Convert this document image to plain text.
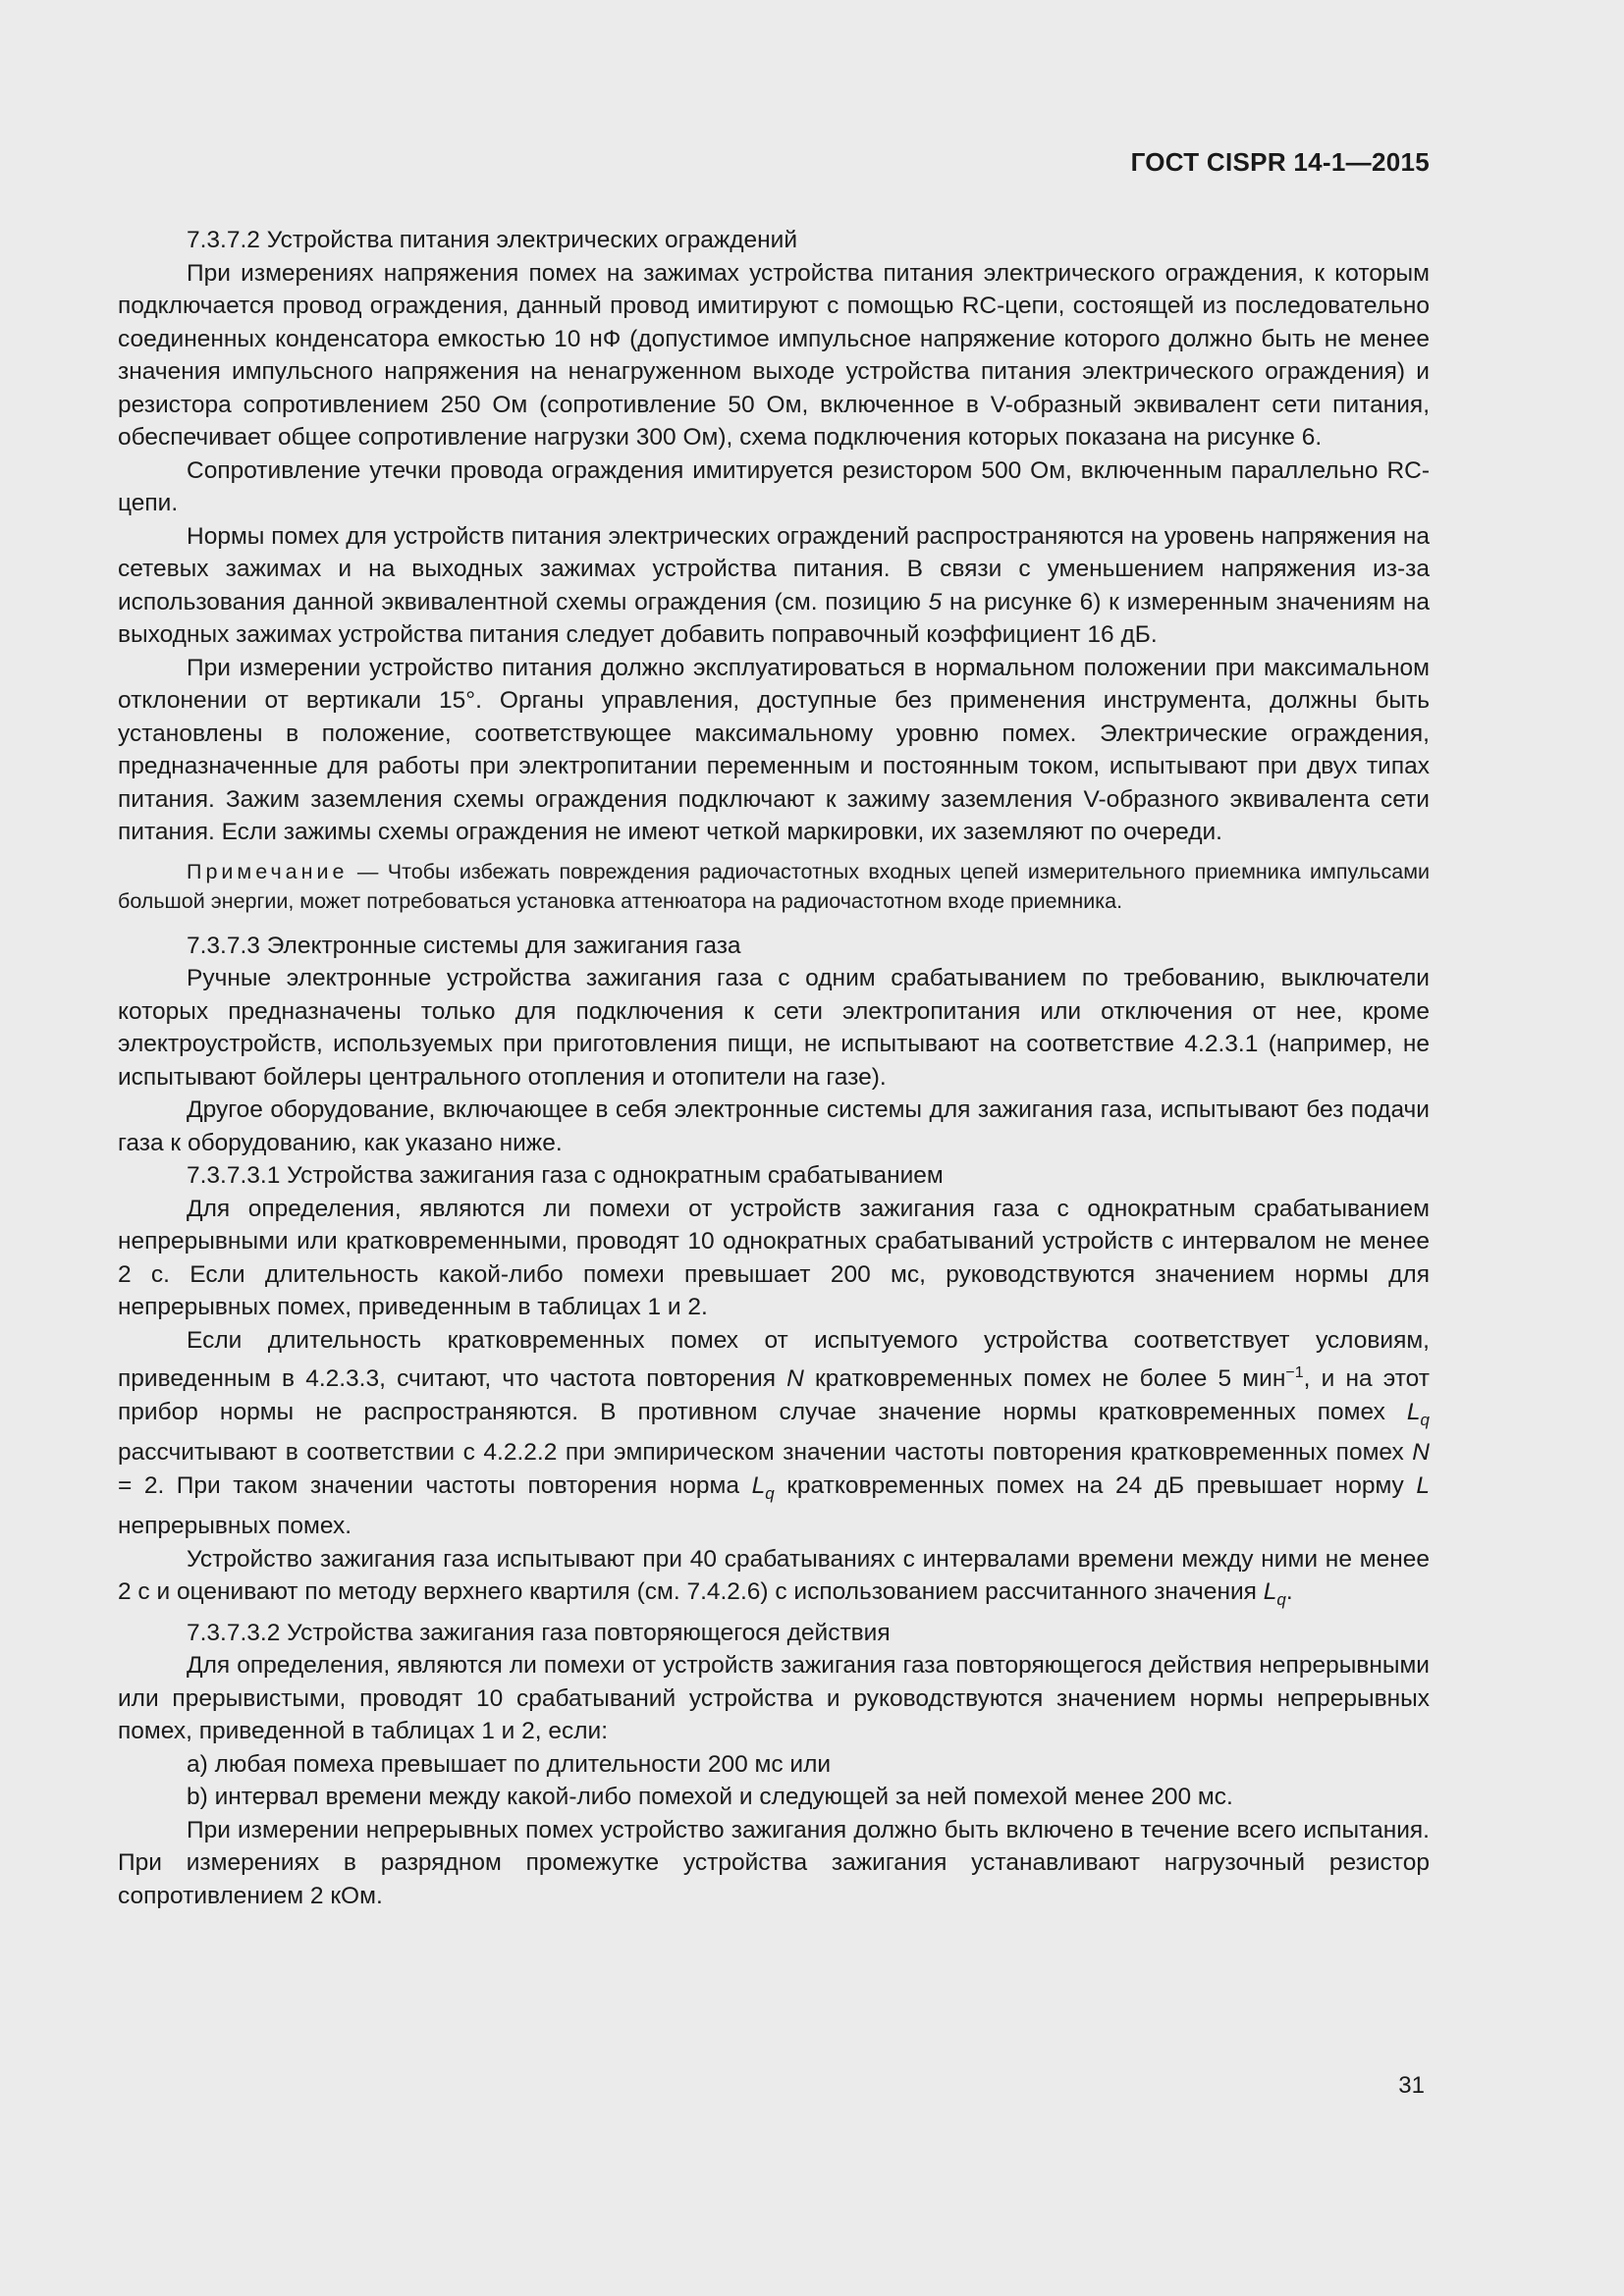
ГОСТ CISPR 14-1—2015

7.3.7.2 Устройства питания электрических ограждений

При измерениях напряжения помех на зажимах устройства питания электрического ограждения, к которым подключается провод ограждения, данный провод имитируют с помощью RC-цепи, состоящей из последовательно соединенных конденсатора емкостью 10 нФ (допустимое импульсное напряжение которого должно быть не менее значения импульсного напряжения на ненагруженном выходе устройства питания электрического ограждения) и резистора сопротивлением 250 Ом (сопротивление 50 Ом, включенное в V-образный эквивалент сети питания, обеспечивает общее сопротивление нагрузки 300 Ом), схема подключения которых показана на рисунке 6.

Сопротивление утечки провода ограждения имитируется резистором 500 Ом, включенным параллельно RC-цепи.

Нормы помех для устройств питания электрических ограждений распространяются на уровень напряжения на сетевых зажимах и на выходных зажимах устройства питания. В связи с уменьшением напряжения из-за использования данной эквивалентной схемы ограждения (см. позицию 5 на рисунке 6) к измеренным значениям на выходных зажимах устройства питания следует добавить поправочный коэффициент 16 дБ.

При измерении устройство питания должно эксплуатироваться в нормальном положении при максимальном отклонении от вертикали 15°. Органы управления, доступные без применения инструмента, должны быть установлены в положение, соответствующее максимальному уровню помех. Электрические ограждения, предназначенные для работы при электропитании переменным и постоянным током, испытывают при двух типах питания. Зажим заземления схемы ограждения подключают к зажиму заземления V-образного эквивалента сети питания. Если зажимы схемы ограждения не имеют четкой маркировки, их заземляют по очереди.

Примечание — Чтобы избежать повреждения радиочастотных входных цепей измерительного приемника импульсами большой энергии, может потребоваться установка аттенюатора на радиочастотном входе приемника.

7.3.7.3 Электронные системы для зажигания газа

Ручные электронные устройства зажигания газа с одним срабатыванием по требованию, выключатели которых предназначены только для подключения к сети электропитания или отключения от нее, кроме электроустройств, используемых при приготовления пищи, не испытывают на соответствие 4.2.3.1 (например, не испытывают бойлеры центрального отопления и отопители на газе).

Другое оборудование, включающее в себя электронные системы для зажигания газа, испытывают без подачи газа к оборудованию, как указано ниже.

7.3.7.3.1 Устройства зажигания газа с однократным срабатыванием

Для определения, являются ли помехи от устройств зажигания газа с однократным срабатыванием непрерывными или кратковременными, проводят 10 однократных срабатываний устройств с интервалом не менее 2 с. Если длительность какой-либо помехи превышает 200 мс, руководствуются значением нормы для непрерывных помех, приведенным в таблицах 1 и 2.

Если длительность кратковременных помех от испытуемого устройства соответствует условиям, приведенным в 4.2.3.3, считают, что частота повторения N кратковременных помех не более 5 мин$^{-1}$, и на этот прибор нормы не распространяются. В противном случае значение нормы кратковременных помех $L_q$ рассчитывают в соответствии с 4.2.2.2 при эмпирическом значении частоты повторения кратковременных помех N = 2. При таком значении частоты повторения норма $L_q$ кратковременных помех на 24 дБ превышает норму L непрерывных помех.

Устройство зажигания газа испытывают при 40 срабатываниях с интервалами времени между ними не менее 2 с и оценивают по методу верхнего квартиля (см. 7.4.2.6) с использованием рассчитанного значения $L_q$.

7.3.7.3.2 Устройства зажигания газа повторяющегося действия

Для определения, являются ли помехи от устройств зажигания газа повторяющегося действия непрерывными или прерывистыми, проводят 10 срабатываний устройства и руководствуются значением нормы непрерывных помех, приведенной в таблицах 1 и 2, если:

a) любая помеха превышает по длительности 200 мс или

b) интервал времени между какой-либо помехой и следующей за ней помехой менее 200 мс.

При измерении непрерывных помех устройство зажигания должно быть включено в течение всего испытания. При измерениях в разрядном промежутке устройства зажигания устанавливают нагрузочный резистор сопротивлением 2 кОм.

31
